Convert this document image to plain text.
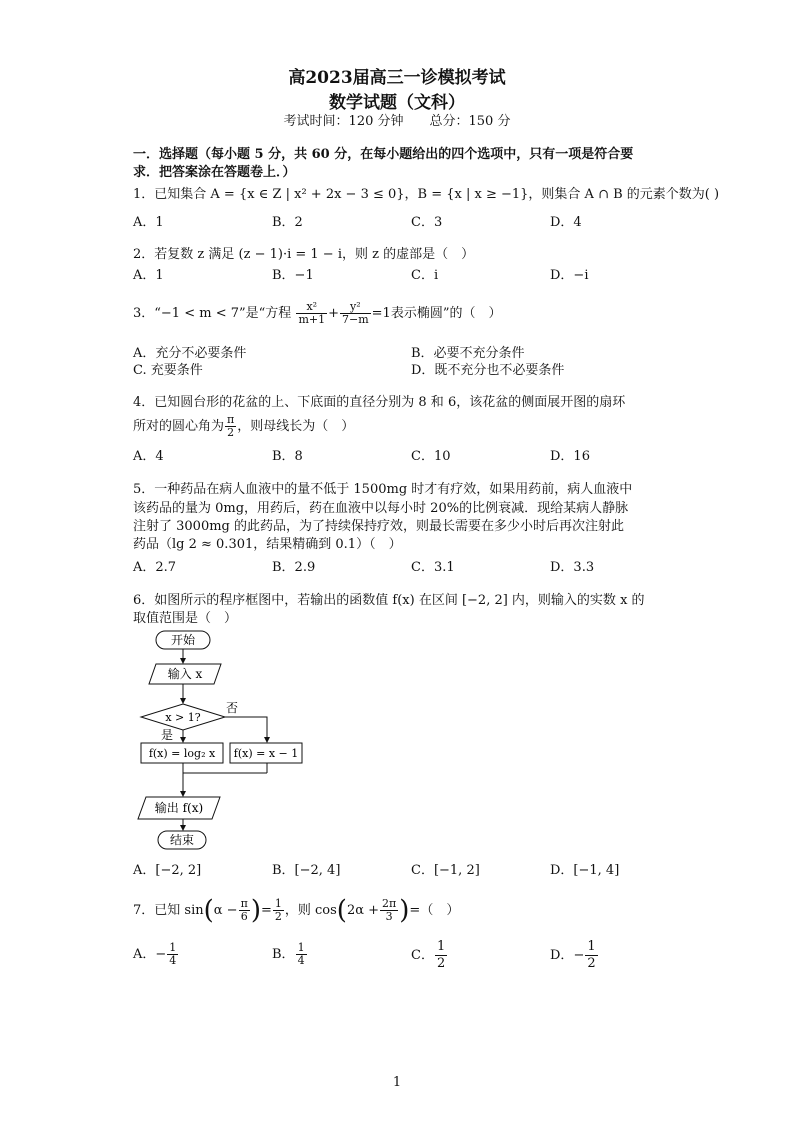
高2023届高三一诊模拟考试
数学试题（文科）
考试时间：120 分钟　　总分：150 分
一．选择题（每小题 5 分，共 60 分，在每小题给出的四个选项中，只有一项是符合要
求．把答案涂在答题卷上．）
1．已知集合 A = {x ∈ Z | x² + 2x − 3 ≤ 0}，B = {x | x ≥ −1}，则集合 A ∩ B 的元素个数为( )
A．1	B．2	C．3	D．4
2．若复数 z 满足 (z − 1)·i = 1 − i，则 z 的虚部是（　）
A．1	B．−1	C．i	D．−i
3．“−1 < m < 7”是“方程 $\frac{\text{x²}}{m+1} + \frac{\text{y²}}{7-m} =1$表示椭圆”的（　）
A．充分不必要条件	B．必要不充分条件
C. 充要条件	D．既不充分也不必要条件
4．已知圆台形的花盆的上、下底面的直径分别为 8 和 6，该花盆的侧面展开图的扇环
所对的圆心角为 $\frac{\pi}{2}$ ，则母线长为（　）
A．4	B．8	C．10	D．16
5．一种药品在病人血液中的量不低于 1500mg 时才有疗效，如果用药前，病人血液中
该药品的量为 0mg，用药后，药在血液中以每小时 20%的比例衰减．现给某病人静脉
注射了 3000mg 的此药品，为了持续保持疗效，则最长需要在多少小时后再次注射此
药品（lg 2 ≈ 0.301，结果精确到 0.1）（　）
A．2.7	B．2.9	C．3.1	D．3.3
6．如图所示的程序框图中，若输出的函数值 f(x) 在区间 [−2, 2] 内，则输入的实数 x 的
取值范围是（　）
开始
输入 x
x > 1?
否
是
f(x) = log₂ x f(x) = x − 1
输出 f(x)
结束
A．[−2, 2]	B．[−2, 4]	C．[−1, 2]	D．[−1, 4]
7．已知 $\sin(\alpha - \frac{\pi}{6}$ )= $\frac{1}{2}$ ，则 $\cos(2\alpha + \frac{2\pi}{3}$ )=（　）
A．− $\frac{1}{4}$	B． $\frac{1}{4}$	C． $\frac{1}{2}$	D．− $\frac{1}{2}$
1
